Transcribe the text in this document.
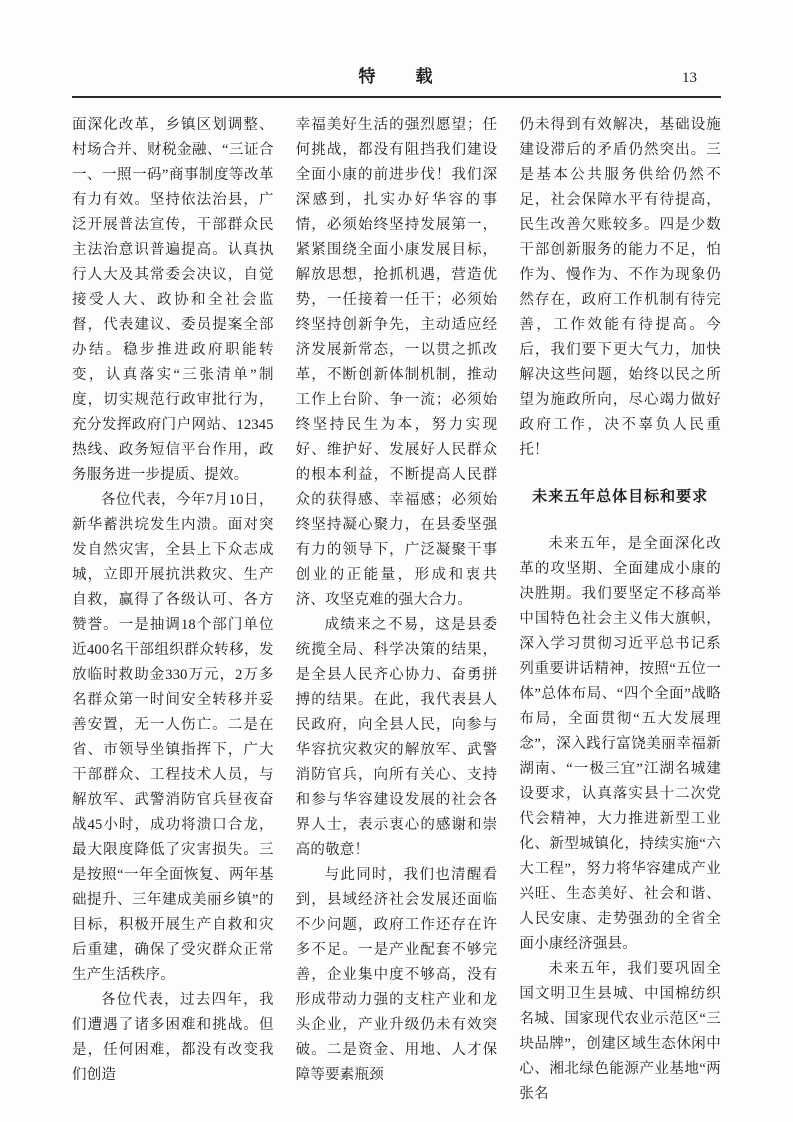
特　　载	13

面深化改革，乡镇区划调整、村场合并、财税金融、“三证合一、一照一码”商事制度等改革有力有效。坚持依法治县，广泛开展普法宣传，干部群众民主法治意识普遍提高。认真执行人大及其常委会决议，自觉接受人大、政协和全社会监督，代表建议、委员提案全部办结。稳步推进政府职能转变，认真落实“三张清单”制度，切实规范行政审批行为，充分发挥政府门户网站、12345热线、政务短信平台作用，政务服务进一步提质、提效。

各位代表，今年7月10日，新华蓄洪垸发生内溃。面对突发自然灾害，全县上下众志成城，立即开展抗洪救灾、生产自救，赢得了各级认可、各方赞誉。一是抽调18个部门单位近400名干部组织群众转移，发放临时救助金330万元，2万多名群众第一时间安全转移并妥善安置，无一人伤亡。二是在省、市领导坐镇指挥下，广大干部群众、工程技术人员，与解放军、武警消防官兵昼夜奋战45小时，成功将溃口合龙，最大限度降低了灾害损失。三是按照“一年全面恢复、两年基础提升、三年建成美丽乡镇”的目标，积极开展生产自救和灾后重建，确保了受灾群众正常生产生活秩序。

各位代表，过去四年，我们遭遇了诸多困难和挑战。但是，任何困难，都没有改变我们创造

幸福美好生活的强烈愿望；任何挑战，都没有阻挡我们建设全面小康的前进步伐！我们深深感到，扎实办好华容的事情，必须始终坚持发展第一，紧紧围绕全面小康发展目标，解放思想，抢抓机遇，营造优势，一任接着一任干；必须始终坚持创新争先，主动适应经济发展新常态，一以贯之抓改革，不断创新体制机制，推动工作上台阶、争一流；必须始终坚持民生为本，努力实现好、维护好、发展好人民群众的根本利益，不断提高人民群众的获得感、幸福感；必须始终坚持凝心聚力，在县委坚强有力的领导下，广泛凝聚干事创业的正能量，形成和衷共济、攻坚克难的强大合力。

成绩来之不易，这是县委统揽全局、科学决策的结果，是全县人民齐心协力、奋勇拼搏的结果。在此，我代表县人民政府，向全县人民，向参与华容抗灾救灾的解放军、武警消防官兵，向所有关心、支持和参与华容建设发展的社会各界人士，表示衷心的感谢和崇高的敬意！

与此同时，我们也清醒看到，县域经济社会发展还面临不少问题，政府工作还存在许多不足。一是产业配套不够完善，企业集中度不够高，没有形成带动力强的支柱产业和龙头企业，产业升级仍未有效突破。二是资金、用地、人才保障等要素瓶颈

仍未得到有效解决，基础设施建设滞后的矛盾仍然突出。三是基本公共服务供给仍然不足，社会保障水平有待提高，民生改善欠账较多。四是少数干部创新服务的能力不足，怕作为、慢作为、不作为现象仍然存在，政府工作机制有待完善，工作效能有待提高。今后，我们要下更大气力，加快解决这些问题，始终以民之所望为施政所向，尽心竭力做好政府工作，决不辜负人民重托！

未来五年总体目标和要求

未来五年，是全面深化改革的攻坚期、全面建成小康的决胜期。我们要坚定不移高举中国特色社会主义伟大旗帜，深入学习贯彻习近平总书记系列重要讲话精神，按照“五位一体”总体布局、“四个全面”战略布局，全面贯彻“五大发展理念”，深入践行富饶美丽幸福新湖南、“一极三宜”江湖名城建设要求，认真落实县十二次党代会精神，大力推进新型工业化、新型城镇化，持续实施“六大工程”，努力将华容建成产业兴旺、生态美好、社会和谐、人民安康、走势强劲的全省全面小康经济强县。

未来五年，我们要巩固全国文明卫生县城、中国棉纺织名城、国家现代农业示范区“三块品牌”，创建区域生态休闲中心、湘北绿色能源产业基地“两张名
